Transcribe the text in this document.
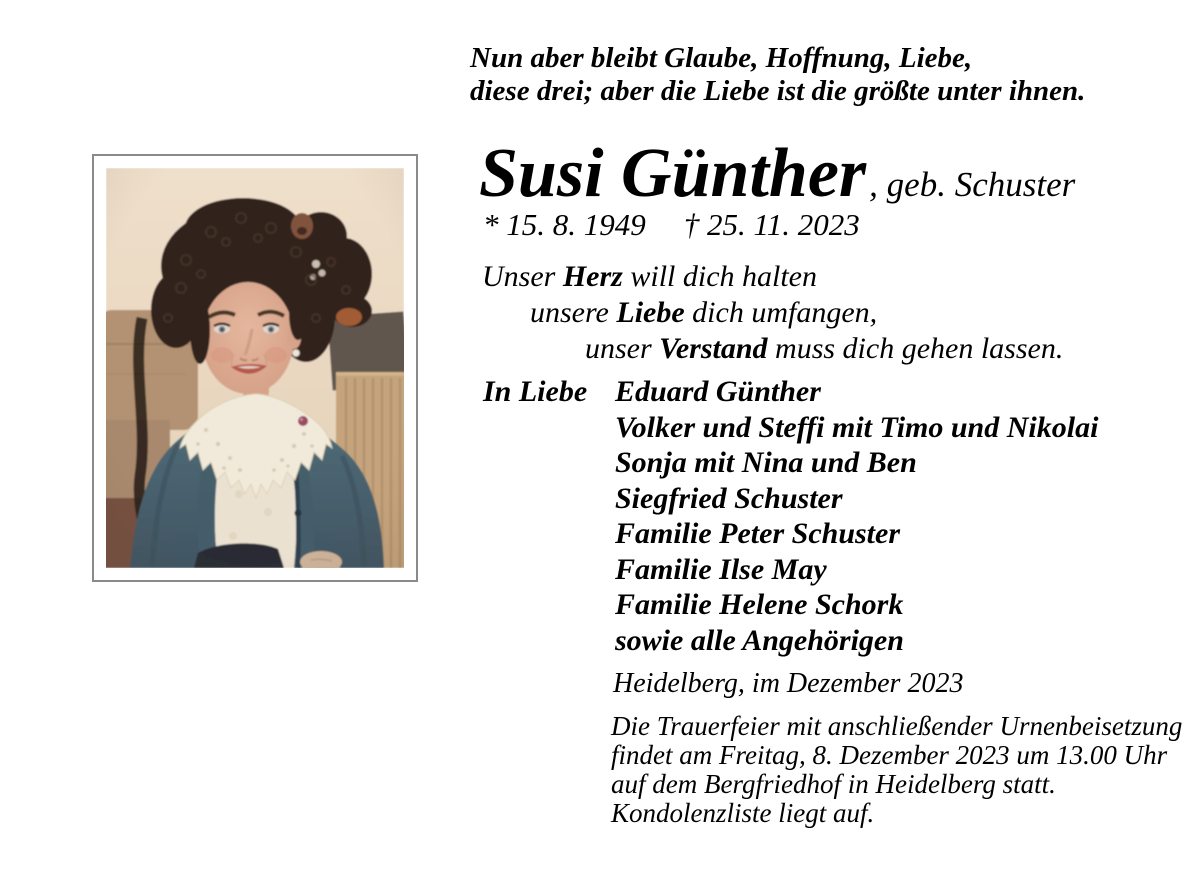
Nun aber bleibt Glaube, Hoffnung, Liebe,
diese drei; aber die Liebe ist die größte unter ihnen.
Susi Günther , geb. Schuster
* 15. 8. 1949 † 25. 11. 2023
Unser Herz will dich halten
unsere Liebe dich umfangen,
unser Verstand muss dich gehen lassen.
In Liebe Eduard Günther
Volker und Steffi mit Timo und Nikolai
Sonja mit Nina und Ben
Siegfried Schuster
Familie Peter Schuster
Familie Ilse May
Familie Helene Schork
sowie alle Angehörigen
Heidelberg, im Dezember 2023
Die Trauerfeier mit anschließender Urnenbeisetzung
findet am Freitag, 8. Dezember 2023 um 13.00 Uhr
auf dem Bergfriedhof in Heidelberg statt.
Kondolenzliste liegt auf.
